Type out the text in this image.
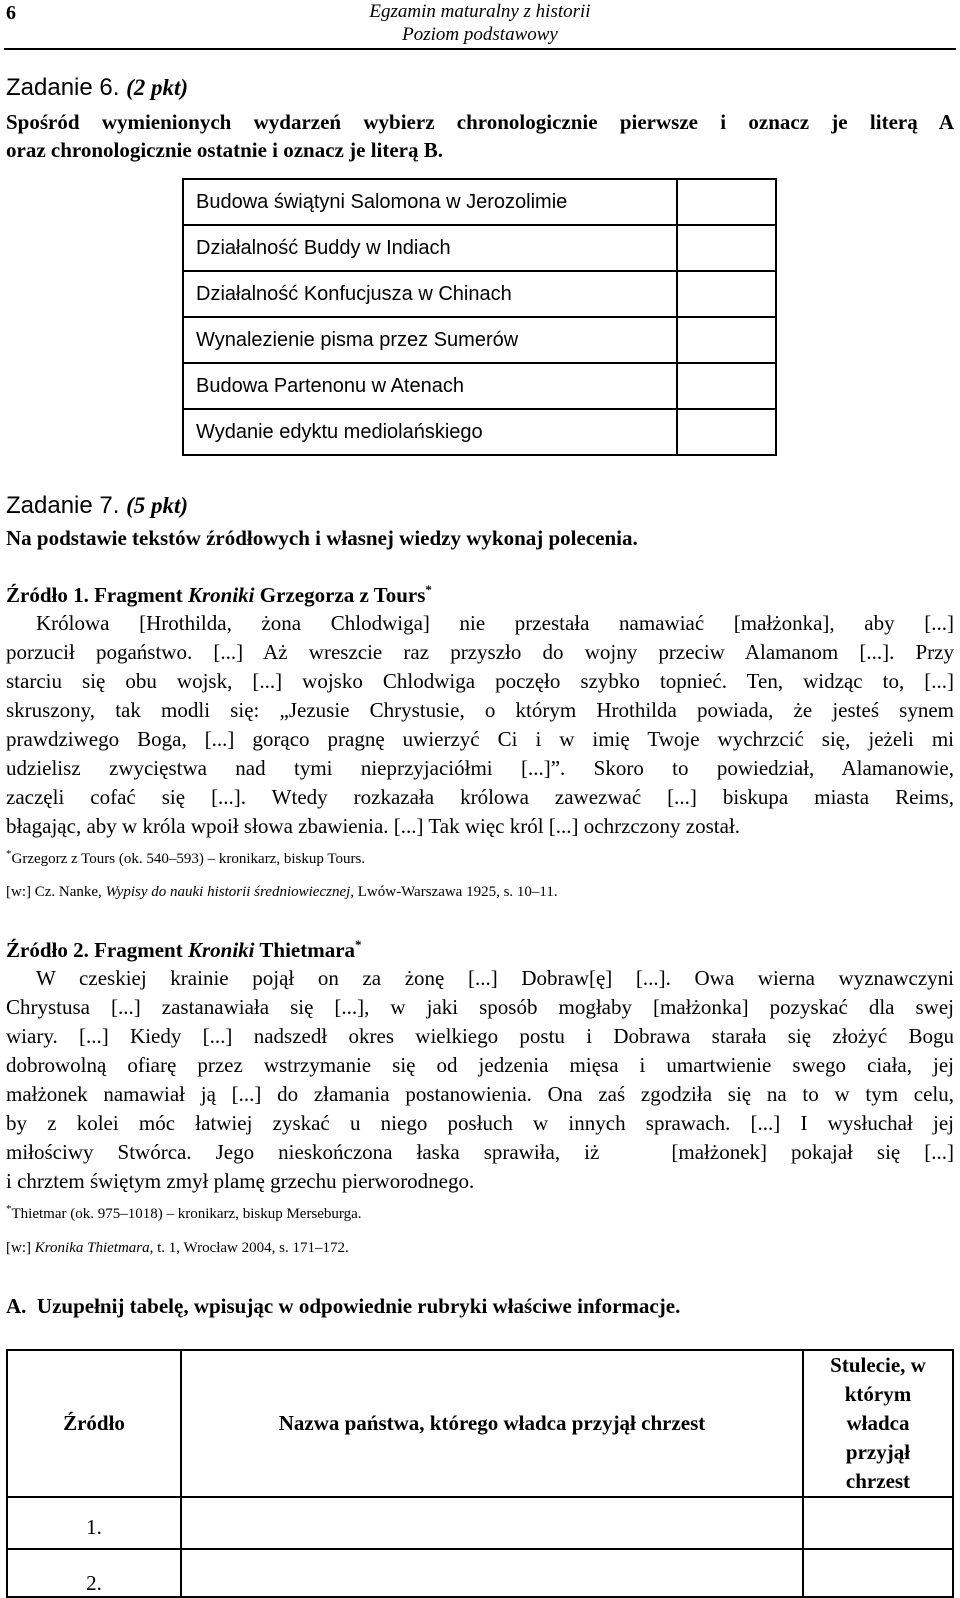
6	Egzamin maturalny z historii
Poziom podstawowy
Zadanie 6. (2 pkt)
Spośród wymienionych wydarzeń wybierz chronologicznie pierwsze i oznacz je literą A
oraz chronologicznie ostatnie i oznacz je literą B.
Budowa świątyni Salomona w Jerozolimie	
Działalność Buddy w Indiach	
Działalność Konfucjusza w Chinach	
Wynalezienie pisma przez Sumerów	
Budowa Partenonu w Atenach	
Wydanie edyktu mediolańskiego	
Zadanie 7. (5 pkt)
Na podstawie tekstów źródłowych i własnej wiedzy wykonaj polecenia.
Źródło 1. Fragment Kroniki Grzegorza z Tours*
Królowa [Hrothilda, żona Chlodwiga] nie przestała namawiać [małżonka], aby [...]
porzucił pogaństwo. [...] Aż wreszcie raz przyszło do wojny przeciw Alamanom [...]. Przy
starciu się obu wojsk, [...] wojsko Chlodwiga poczęło szybko topnieć. Ten, widząc to, [...]
skruszony, tak modli się: „Jezusie Chrystusie, o którym Hrothilda powiada, że jesteś synem
prawdziwego Boga, [...] gorąco pragnę uwierzyć Ci i w imię Twoje wychrzcić się, jeżeli mi
udzielisz zwycięstwa nad tymi nieprzyjaciółmi [...]”. Skoro to powiedział, Alamanowie,
zaczęli cofać się [...]. Wtedy rozkazała królowa zawezwać [...] biskupa miasta Reims,
błagając, aby w króla wpoił słowa zbawienia. [...] Tak więc król [...] ochrzczony został.
*Grzegorz z Tours (ok. 540–593) – kronikarz, biskup Tours.
[w:] Cz. Nanke, Wypisy do nauki historii średniowiecznej, Lwów-Warszawa 1925, s. 10–11.
Źródło 2. Fragment Kroniki Thietmara*
W czeskiej krainie pojął on za żonę [...] Dobraw[ę] [...]. Owa wierna wyznawczyni
Chrystusa [...] zastanawiała się [...], w jaki sposób mogłaby [małżonka] pozyskać dla swej
wiary. [...] Kiedy [...] nadszedł okres wielkiego postu i Dobrawa starała się złożyć Bogu
dobrowolną ofiarę przez wstrzymanie się od jedzenia mięsa i umartwienie swego ciała, jej
małżonek namawiał ją [...] do złamania postanowienia. Ona zaś zgodziła się na to w tym celu,
by z kolei móc łatwiej zyskać u niego posłuch w innych sprawach. [...] I wysłuchał jej
miłościwy Stwórca. Jego nieskończona łaska sprawiła, iż   [małżonek] pokajał się [...]
i chrztem świętym zmył plamę grzechu pierworodnego.
*Thietmar (ok. 975–1018) – kronikarz, biskup Merseburga.
[w:] Kronika Thietmara, t. 1, Wrocław 2004, s. 171–172.
A. Uzupełnij tabelę, wpisując w odpowiednie rubryki właściwe informacje.
Źródło	Nazwa państwa, którego władca przyjął chrzest	Stulecie, w którym władca przyjął chrzest
1.		
2.		
